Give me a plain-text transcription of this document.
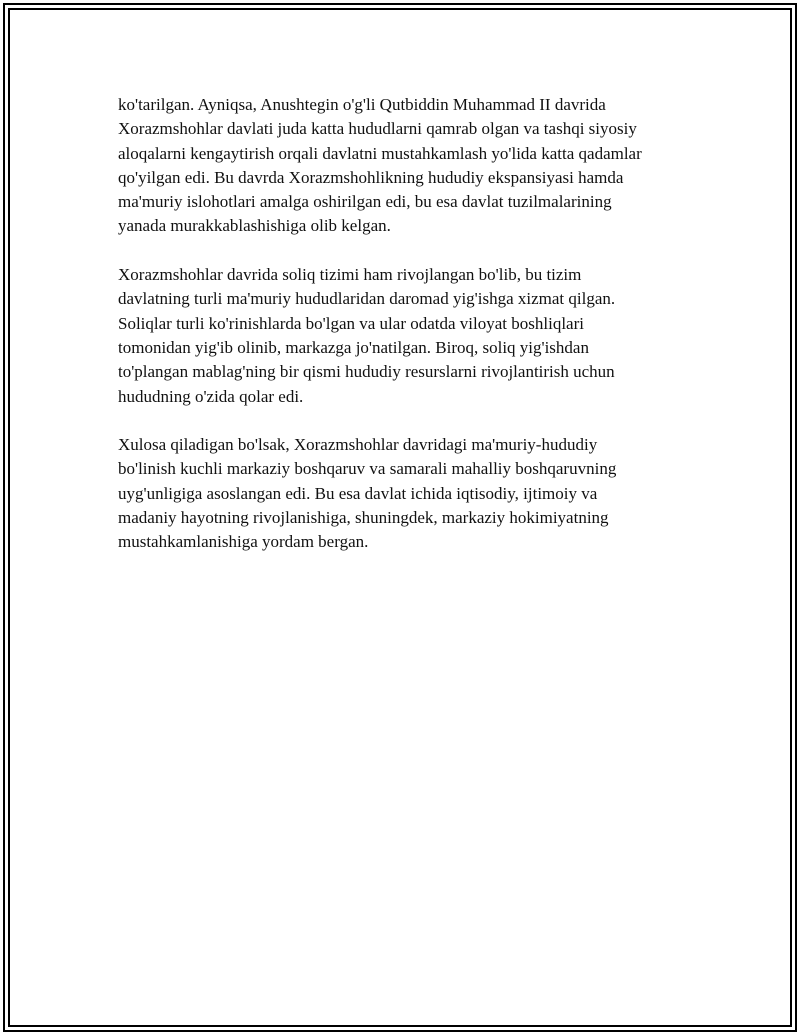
ko'tarilgan. Ayniqsa, Anushtegin o'g'li Qutbiddin Muhammad II davrida
Xorazmshohlar davlati juda katta hududlarni qamrab olgan va tashqi siyosiy
aloqalarni kengaytirish orqali davlatni mustahkamlash yo'lida katta qadamlar
qo'yilgan edi. Bu davrda Xorazmshohlikning hududiy ekspansiyasi hamda
ma'muriy islohotlari amalga oshirilgan edi, bu esa davlat tuzilmalarining
yanada murakkablashishiga olib kelgan.

Xorazmshohlar davrida soliq tizimi ham rivojlangan bo'lib, bu tizim
davlatning turli ma'muriy hududlaridan daromad yig'ishga xizmat qilgan.
Soliqlar turli ko'rinishlarda bo'lgan va ular odatda viloyat boshliqlari
tomonidan yig'ib olinib, markazga jo'natilgan. Biroq, soliq yig'ishdan
to'plangan mablag'ning bir qismi hududiy resurslarni rivojlantirish uchun
hududning o'zida qolar edi.

Xulosa qiladigan bo'lsak, Xorazmshohlar davridagi ma'muriy-hududiy
bo'linish kuchli markaziy boshqaruv va samarali mahalliy boshqaruvning
uyg'unligiga asoslangan edi. Bu esa davlat ichida iqtisodiy, ijtimoiy va
madaniy hayotning rivojlanishiga, shuningdek, markaziy hokimiyatning
mustahkamlanishiga yordam bergan.
